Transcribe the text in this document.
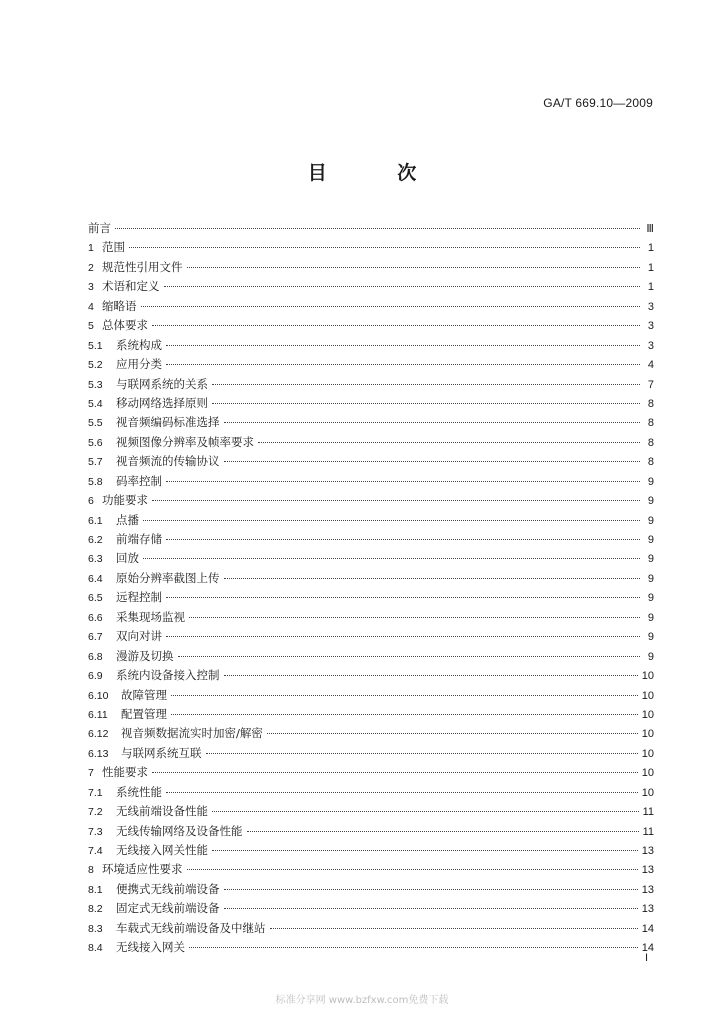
GA/T 669.10—2009
目 次
前言	Ⅲ
1 范围	1
2 规范性引用文件	1
3 术语和定义	1
4 缩略语	3
5 总体要求	3
5.1	系统构成	3
5.2	应用分类	4
5.3	与联网系统的关系	7
5.4	移动网络选择原则	8
5.5	视音频编码标准选择	8
5.6	视频图像分辨率及帧率要求	8
5.7	视音频流的传输协议	8
5.8	码率控制	9
6 功能要求	9
6.1	点播	9
6.2	前端存储	9
6.3	回放	9
6.4	原始分辨率截图上传	9
6.5	远程控制	9
6.6	采集现场监视	9
6.7	双向对讲	9
6.8	漫游及切换	9
6.9	系统内设备接入控制	10
6.10	故障管理	10
6.11	配置管理	10
6.12	视音频数据流实时加密/解密	10
6.13	与联网系统互联	10
7 性能要求	10
7.1	系统性能	10
7.2	无线前端设备性能	11
7.3	无线传输网络及设备性能	11
7.4	无线接入网关性能	13
8 环境适应性要求	13
8.1	便携式无线前端设备	13
8.2	固定式无线前端设备	13
8.3	车载式无线前端设备及中继站	14
8.4	无线接入网关	14
I
标准分享网 www.bzfxw.com免费下载
